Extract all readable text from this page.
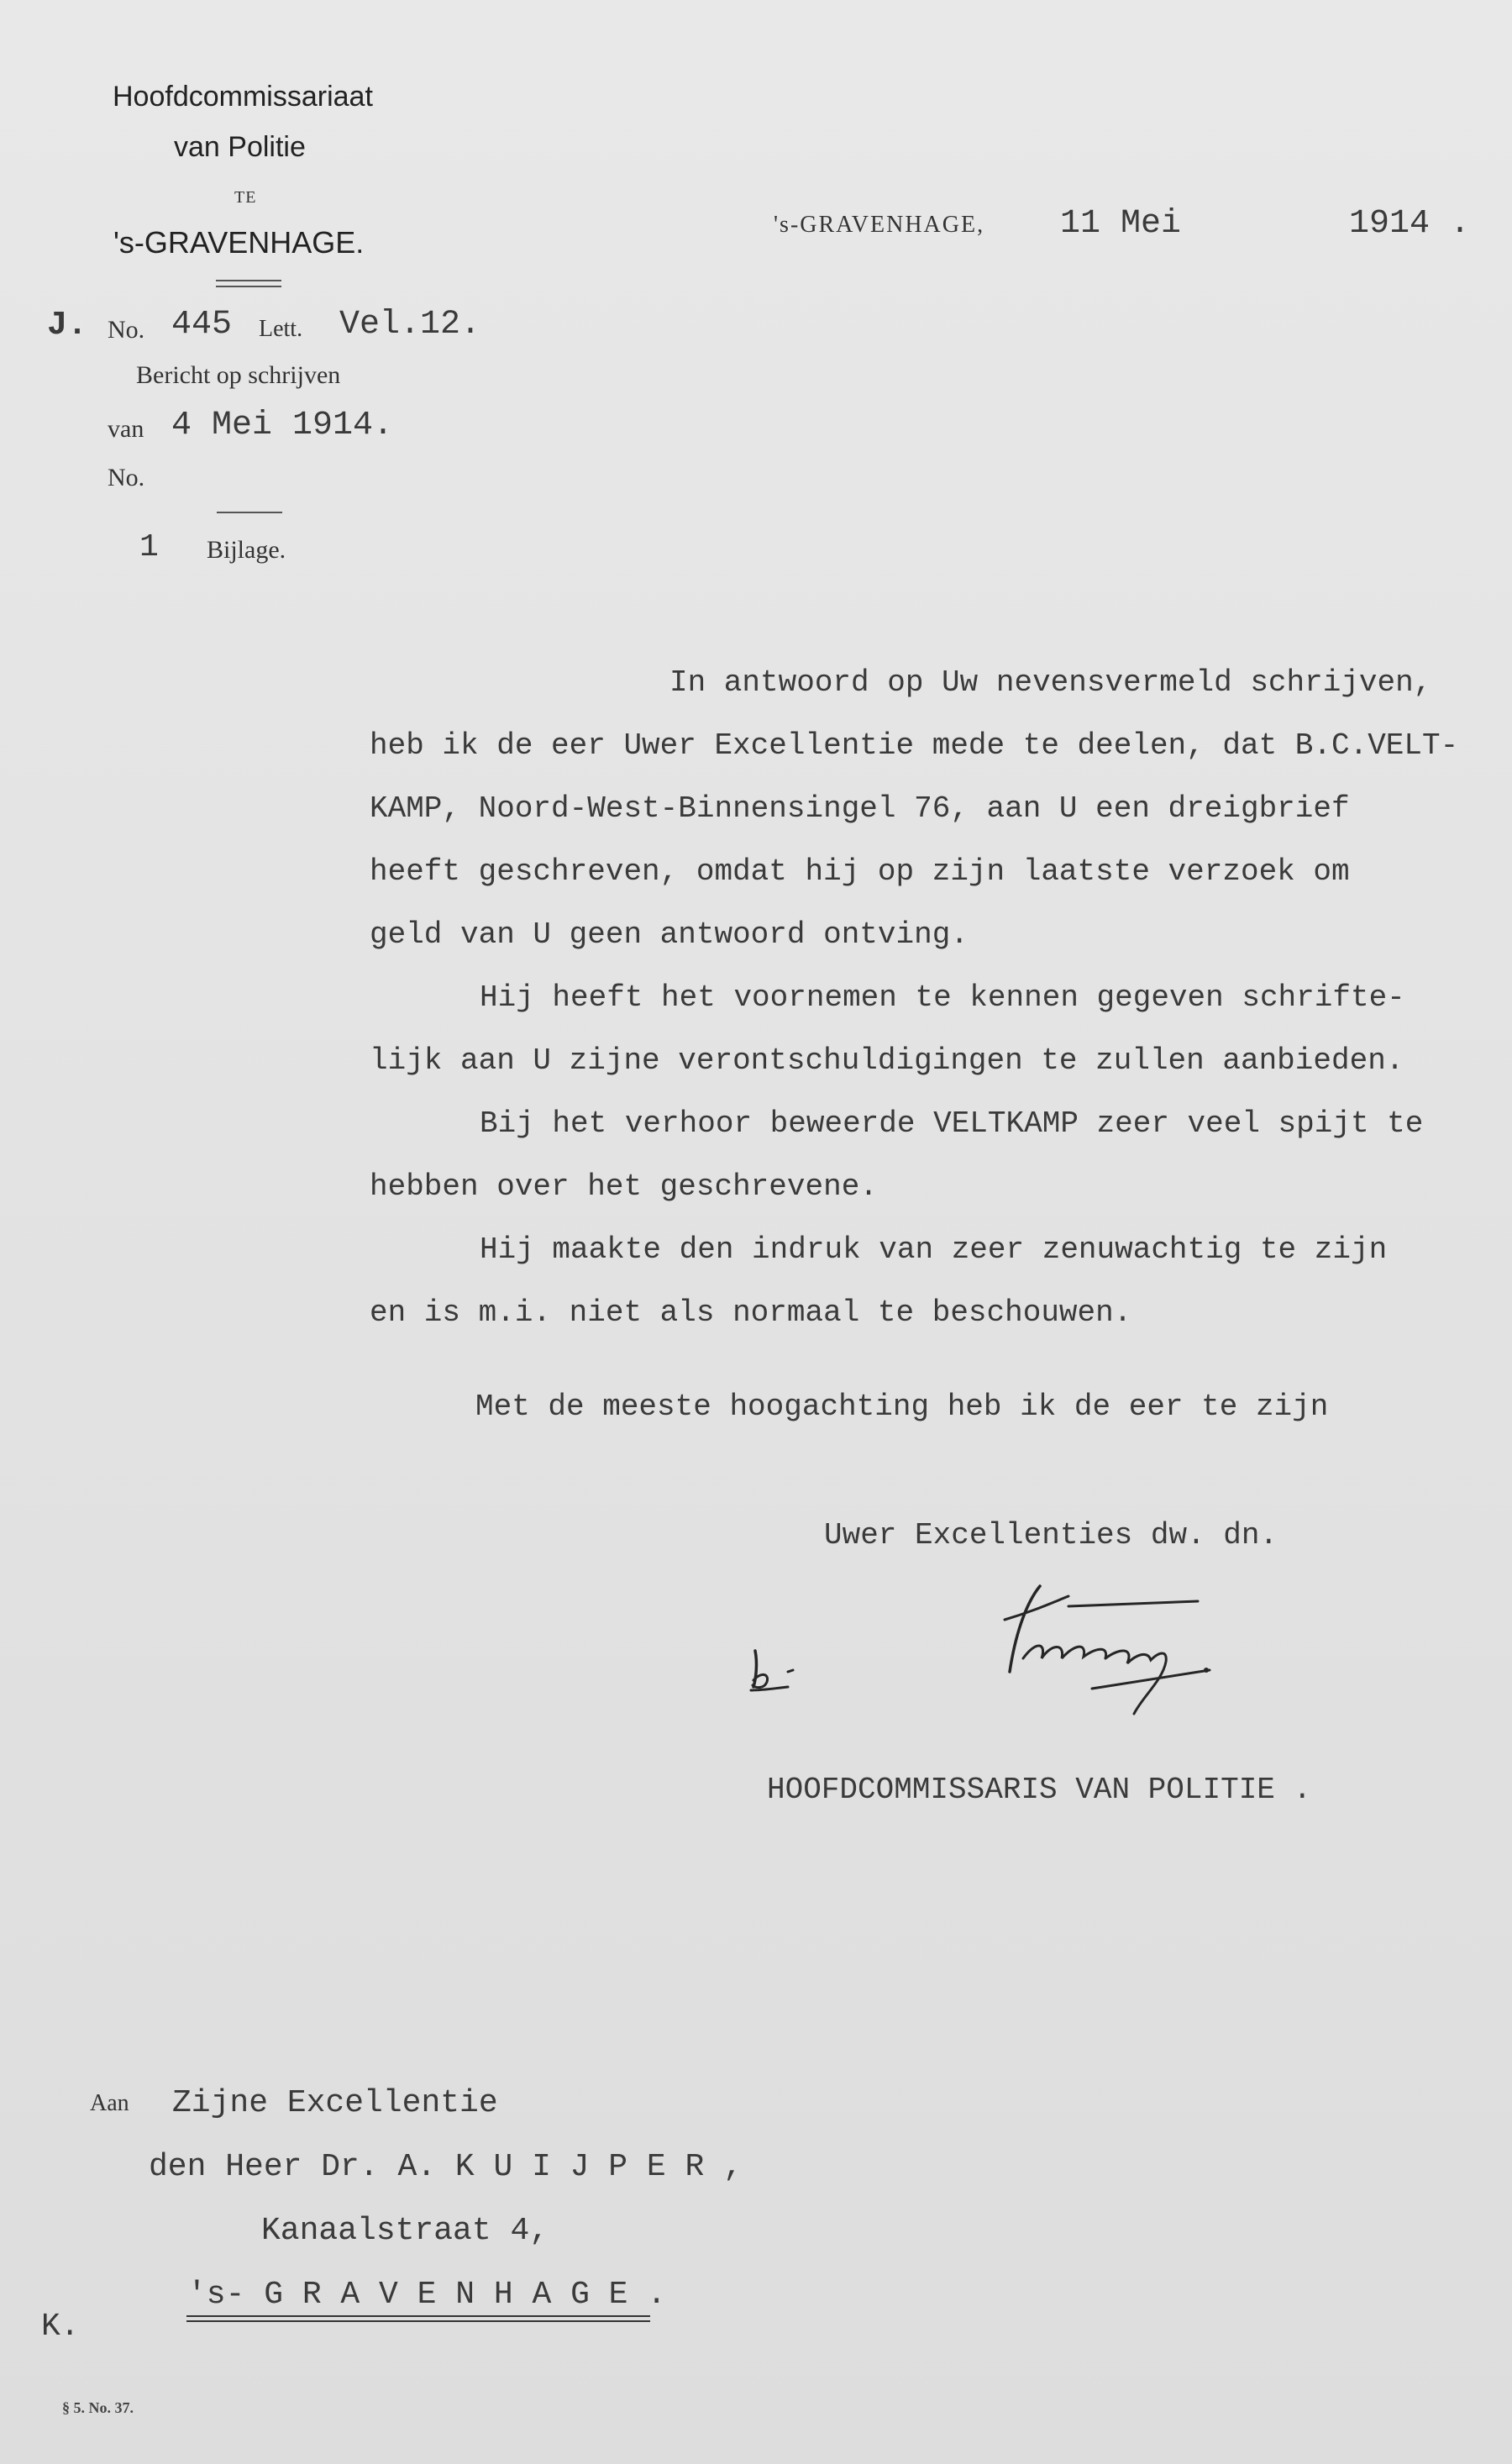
Hoofdcommissariaat
van Politie
TE
's-GRAVENHAGE.
's-GRAVENHAGE, 11 Mei	1914 .
J. No. 445 Lett. Vel.12.
Bericht op schrijven
van 4 Mei 1914.
No.
1 Bijlage.
In antwoord op Uw nevensvermeld schrijven,
heb ik de eer Uwer Excellentie mede te deelen, dat B.C.VELT-
KAMP, Noord-West-Binnensingel 76, aan U een dreigbrief
heeft geschreven, omdat hij op zijn laatste verzoek om
geld van U geen antwoord ontving.
Hij heeft het voornemen te kennen gegeven schrifte-
lijk aan U zijne verontschuldigingen te zullen aanbieden.
Bij het verhoor beweerde VELTKAMP zeer veel spijt te
hebben over het geschrevene.
Hij maakte den indruk van zeer zenuwachtig te zijn
en is m.i. niet als normaal te beschouwen.
Met de meeste hoogachting heb ik de eer te zijn
Uwer Excellenties dw. dn.
HOOFDCOMMISSARIS VAN POLITIE .
Aan Zijne Excellentie
den Heer Dr. A. K U I J P E R ,
Kanaalstraat 4,
's- G R A V E N H A G E .
K.
§ 5. No. 37.
